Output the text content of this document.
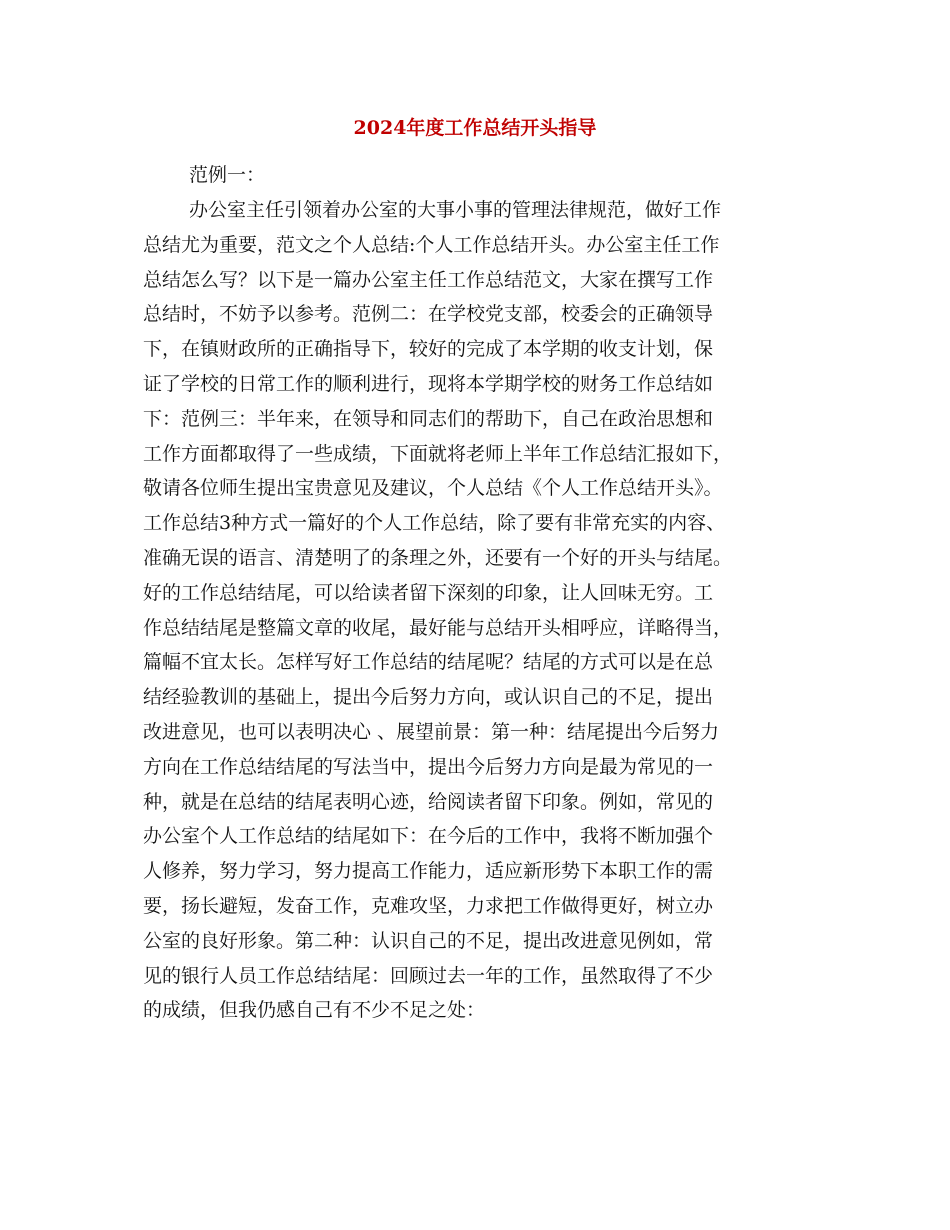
2024年度工作总结开头指导
范例一：
办公室主任引领着办公室的大事小事的管理法律规范，做好工作
总结尤为重要，范文之个人总结:个人工作总结开头。办公室主任工作
总结怎么写？以下是一篇办公室主任工作总结范文，大家在撰写工作
总结时，不妨予以参考。范例二：在学校党支部，校委会的正确领导
下，在镇财政所的正确指导下，较好的完成了本学期的收支计划，保
证了学校的日常工作的顺利进行，现将本学期学校的财务工作总结如
下：范例三：半年来，在领导和同志们的帮助下，自己在政治思想和
工作方面都取得了一些成绩，下面就将老师上半年工作总结汇报如下，
敬请各位师生提出宝贵意见及建议，个人总结《个人工作总结开头》。
工作总结3种方式一篇好的个人工作总结，除了要有非常充实的内容、
准确无误的语言、清楚明了的条理之外，还要有一个好的开头与结尾。
好的工作总结结尾，可以给读者留下深刻的印象，让人回味无穷。工
作总结结尾是整篇文章的收尾，最好能与总结开头相呼应，详略得当，
篇幅不宜太长。怎样写好工作总结的结尾呢？结尾的方式可以是在总
结经验教训的基础上，提出今后努力方向，或认识自己的不足，提出
改进意见，也可以表明决心 、展望前景：第一种：结尾提出今后努力
方向在工作总结结尾的写法当中，提出今后努力方向是最为常见的一
种，就是在总结的结尾表明心迹，给阅读者留下印象。例如，常见的
办公室个人工作总结的结尾如下：在今后的工作中，我将不断加强个
人修养，努力学习，努力提高工作能力，适应新形势下本职工作的需
要，扬长避短，发奋工作，克难攻坚，力求把工作做得更好，树立办
公室的良好形象。第二种：认识自己的不足，提出改进意见例如，常
见的银行人员工作总结结尾：回顾过去一年的工作，虽然取得了不少
的成绩，但我仍感自己有不少不足之处：
